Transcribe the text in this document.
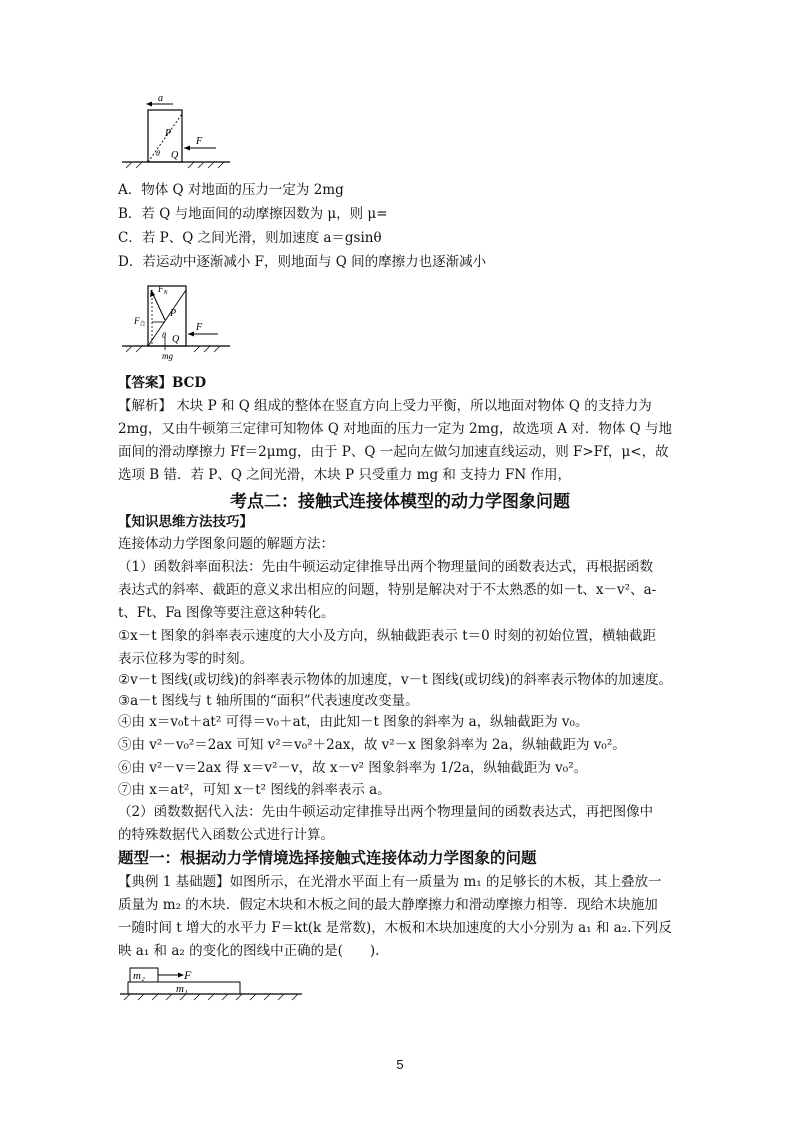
a
P
θ Q
F
A．物体 Q 对地面的压力一定为 2mg
B．若 Q 与地面间的动摩擦因数为 μ，则 μ=
C．若 P、Q 之间光滑，则加速度 a＝gsinθ
D．若运动中逐渐减小 F，则地面与 Q 间的摩擦力也逐渐减小
$F_N$
$F_合$
P
θ Q
mg
F
【答案】BCD
【解析】 木块 P 和 Q 组成的整体在竖直方向上受力平衡，所以地面对物体 Q 的支持力为
2mg，又由牛顿第三定律可知物体 Q 对地面的压力一定为 2mg，故选项 A 对．物体 Q 与地
面间的滑动摩擦力 Ff＝2μmg，由于 P、Q 一起向左做匀加速直线运动，则 F>Ff，μ<，故
选项 B 错．若 P、Q 之间光滑，木块 P 只受重力 mg 和 支持力 FN 作用，
考点二：接触式连接体模型的动力学图象问题
【知识思维方法技巧】
连接体动力学图象问题的解题方法：
（1）函数斜率面积法：先由牛顿运动定律推导出两个物理量间的函数表达式，再根据函数
表达式的斜率、截距的意义求出相应的问题，特别是解决对于不太熟悉的如－t、x－v²、a-
t、Ft、Fa 图像等要注意这种转化。
①x－t 图象的斜率表示速度的大小及方向，纵轴截距表示 t＝0 时刻的初始位置，横轴截距
表示位移为零的时刻。
②v－t 图线(或切线)的斜率表示物体的加速度，v－t 图线(或切线)的斜率表示物体的加速度。
③a－t 图线与 t 轴所围的“面积”代表速度改变量。
④由 x＝v₀t＋at² 可得＝v₀＋at，由此知－t 图象的斜率为 a，纵轴截距为 v₀。
⑤由 v²－v₀²＝2ax 可知 v²＝v₀²＋2ax，故 v²－x 图象斜率为 2a，纵轴截距为 v₀²。
⑥由 v²－v＝2ax 得 x＝v²－v，故 x－v² 图象斜率为 1/2a，纵轴截距为 v₀²。
⑦由 x＝at²，可知 x－t² 图线的斜率表示 a。
（2）函数数据代入法：先由牛顿运动定律推导出两个物理量间的函数表达式，再把图像中
的特殊数据代入函数公式进行计算。
题型一：根据动力学情境选择接触式连接体动力学图象的问题
【典例 1 基础题】如图所示，在光滑水平面上有一质量为 m₁ 的足够长的木板，其上叠放一
质量为 m₂ 的木块．假定木块和木板之间的最大静摩擦力和滑动摩擦力相等．现给木块施加
一随时间 t 增大的水平力 F＝kt(k 是常数)，木板和木块加速度的大小分别为 a₁ 和 a₂.下列反
映 a₁ 和 a₂ 的变化的图线中正确的是(　　).
m₂	F
m₁
5
